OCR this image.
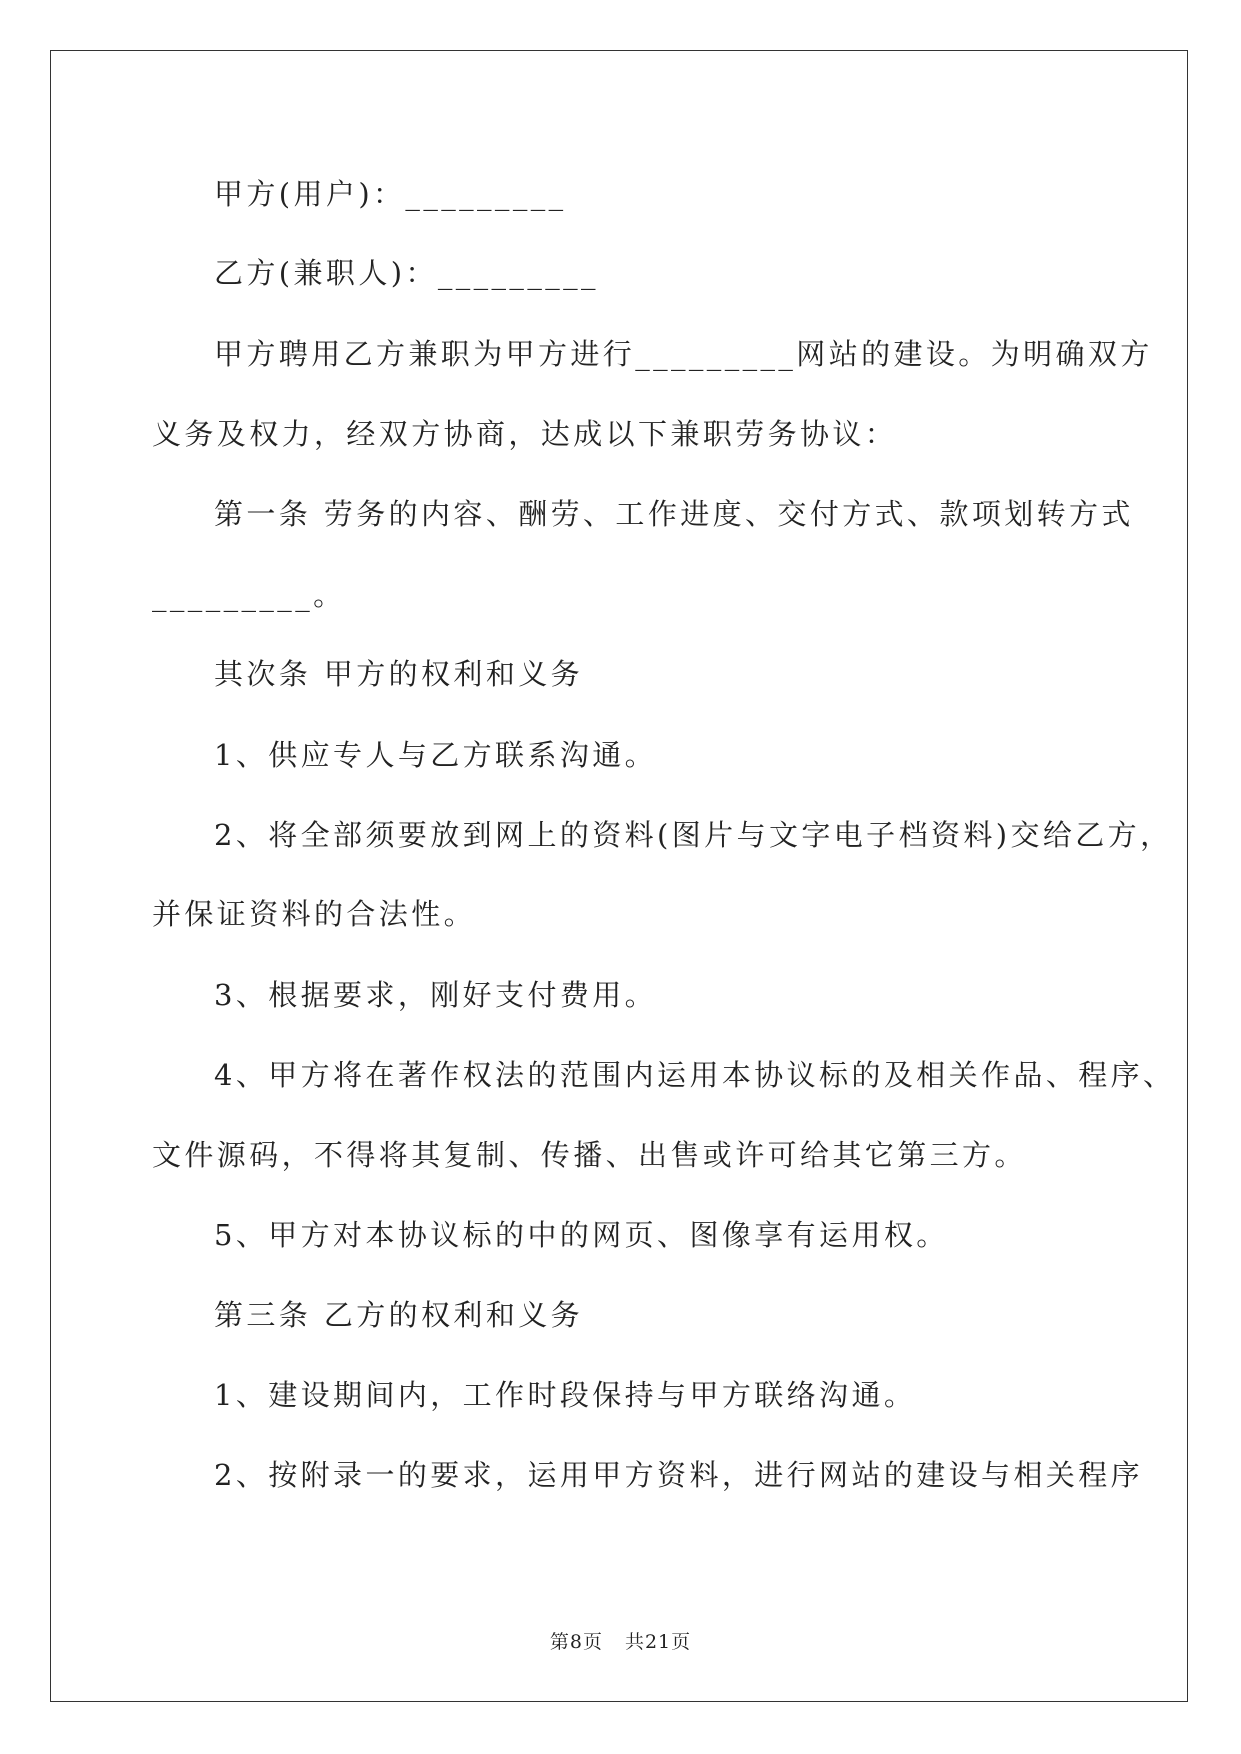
甲方(用户)：_________
乙方(兼职人)：_________
甲方聘用乙方兼职为甲方进行_________网站的建设。为明确双方
义务及权力，经双方协商，达成以下兼职劳务协议：
第一条 劳务的内容、酬劳、工作进度、交付方式、款项划转方式
_________。
其次条 甲方的权利和义务
1、供应专人与乙方联系沟通。
2、将全部须要放到网上的资料(图片与文字电子档资料)交给乙方，
并保证资料的合法性。
3、根据要求，刚好支付费用。
4、甲方将在著作权法的范围内运用本协议标的及相关作品、程序、
文件源码，不得将其复制、传播、出售或许可给其它第三方。
5、甲方对本协议标的中的网页、图像享有运用权。
第三条 乙方的权利和义务
1、建设期间内，工作时段保持与甲方联络沟通。
2、按附录一的要求，运用甲方资料，进行网站的建设与相关程序
第8页 共21页
